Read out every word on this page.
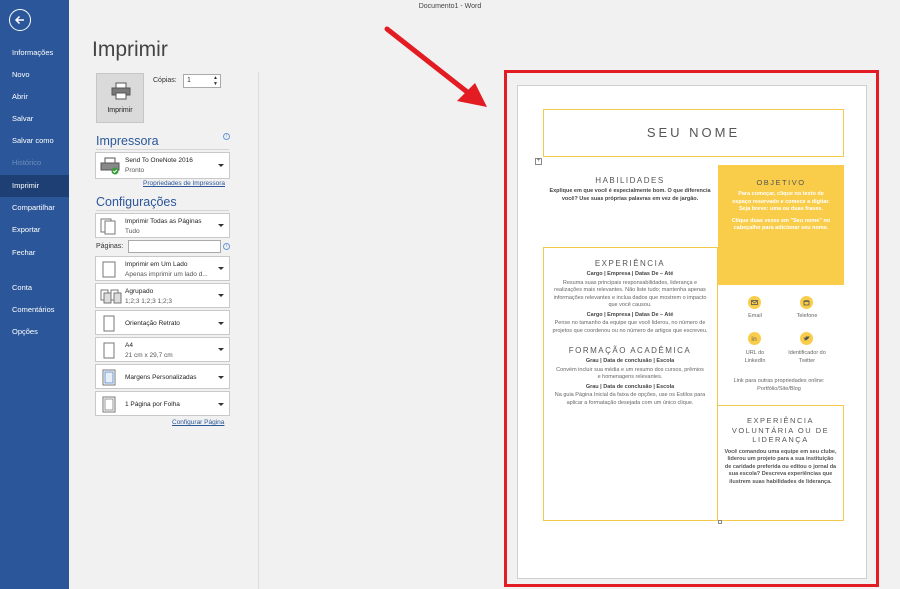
Documento1 - Word
Informações
Novo
Abrir
Salvar
Salvar como
Histórico
Imprimir
Compartilhar
Exportar
Fechar
Conta
Comentários
Opções
Imprimir
Imprimir
Cópias:	1	▲
▼
Impressora	i
Send To OneNote 2016
Pronto
Propriedades de Impressora
Configurações
Imprimir Todas as Páginas
Tudo
Páginas:	i
Imprimir em Um Lado
Apenas imprimir um lado d...
Agrupado
1;2;3 1;2;3 1;2;3
Orientação Retrato
A4
21 cm x 29,7 cm
Margens Personalizadas
1 Página por Folha
Configurar Página
SEU NOME
+
HABILIDADES
Explique em que você é especialmente bom. O que diferencia você? Use suas próprias palavras em vez de jargão.
EXPERIÊNCIA
Cargo | Empresa | Datas De – Até
Resuma suas principais responsabilidades, liderança e realizações mais relevantes. Não liste tudo; mantenha apenas informações relevantes e inclua dados que mostrem o impacto que você causou.
Cargo | Empresa | Datas De – Até
Pense no tamanho da equipe que você liderou, no número de projetos que coordenou ou no número de artigos que escreveu.
FORMAÇÃO ACADÊMICA
Grau | Data de conclusão | Escola
Convém incluir sua média e um resumo dos cursos, prêmios e homenagens relevantes.
Grau | Data de conclusão | Escola
Na guia Página Inicial da faixa de opções, use os Estilos para aplicar a formatação desejada com um único clique.
OBJETIVO
Para começar, clique no texto de espaço reservado e comece a digitar. Seja breve: uma ou duas frases.
Clique duas vezes em "Seu nome" no cabeçalho para adicionar seu nome.
Email	Telefone
in
URL do LinkedIn
Identificador do Twitter
Link para outras propriedades online: Portfólio/Site/Blog
EXPERIÊNCIA VOLUNTÁRIA OU DE LIDERANÇA
Você comandou uma equipe em seu clube, liderou um projeto para a sua instituição de caridade preferida ou editou o jornal da sua escola? Descreva experiências que ilustrem suas habilidades de liderança.
